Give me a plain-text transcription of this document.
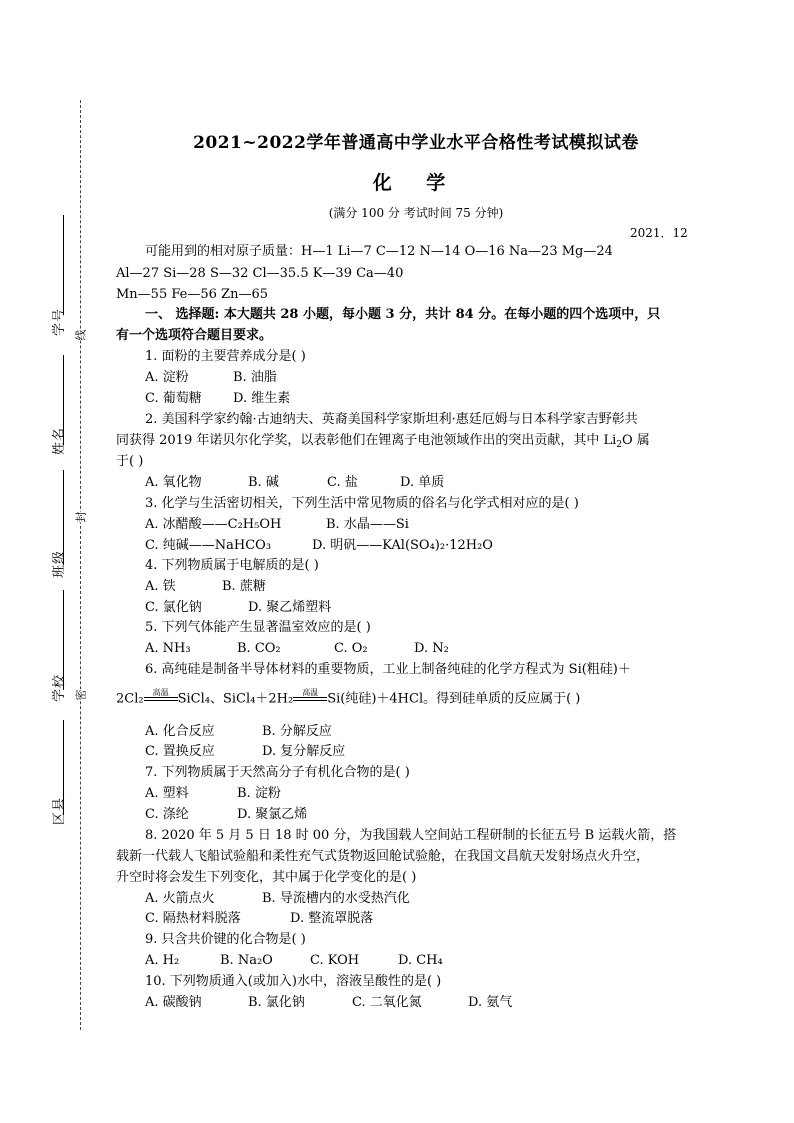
学号
姓名
班级
学校
区县
线
封
密
2021~2022学年普通高中学业水平合格性考试模拟试卷
化 学
(满分 100 分 考试时间 75 分钟)
2021．12
可能用到的相对原子质量：H—1 Li—7 C—12 N—14 O—16 Na—23 Mg—24
Al—27 Si—28 S—32 Cl—35.5 K—39 Ca—40
Mn—55 Fe—56 Zn—65
一、 选择题: 本大题共 28 小题，每小题 3 分，共计 84 分。在每小题的四个选项中，只
有一个选项符合题目要求。
1. 面粉的主要营养成分是( )
A. 淀粉	B. 油脂
C. 葡萄糖 D. 维生素
2. 美国科学家约翰·古迪纳夫、英裔美国科学家斯坦利·惠廷厄姆与日本科学家吉野彰共
同获得 2019 年诺贝尔化学奖，以表彰他们在锂离子电池领域作出的突出贡献，其中 $Li_2O$ 属
于( )
A. 氧化物	B. 碱	C. 盐	D. 单质
3. 化学与生活密切相关，下列生活中常见物质的俗名与化学式相对应的是( )
A. 冰醋酸——C₂H₅OH	B. 水晶——Si
C. 纯碱——NaHCO₃	D. 明矾——KAl(SO₄)₂·12H₂O
4. 下列物质属于电解质的是( )
A. 铁	B. 蔗糖
C. 氯化钠	D. 聚乙烯塑料
5. 下列气体能产生显著温室效应的是( )
A. NH₃	B. CO₂	C. O₂	D. N₂
6. 高纯硅是制备半导体材料的重要物质，工业上制备纯硅的化学方程式为 Si(粗硅)＋
2Cl₂	高温
SiCl₄、SiCl₄＋2H₂	高温
Si(纯硅)＋4HCl。得到硅单质的反应属于( )
A. 化合反应	B. 分解反应
C. 置换反应	D. 复分解反应
7. 下列物质属于天然高分子有机化合物的是( )
A. 塑料	B. 淀粉
C. 涤纶	D. 聚氯乙烯
8. 2020 年 5 月 5 日 18 时 00 分，为我国载人空间站工程研制的长征五号 B 运载火箭，搭
载新一代载人飞船试验船和柔性充气式货物返回舱试验舱，在我国文昌航天发射场点火升空，
升空时将会发生下列变化，其中属于化学变化的是( )
A. 火箭点火	B. 导流槽内的水受热汽化
C. 隔热材料脱落	D. 整流罩脱落
9. 只含共价键的化合物是( )
A. H₂	B. Na₂O	C. KOH	D. CH₄
10. 下列物质通入(或加入)水中，溶液呈酸性的是( )
A. 碳酸钠	B. 氯化钠	C. 二氧化氮	D. 氨气
